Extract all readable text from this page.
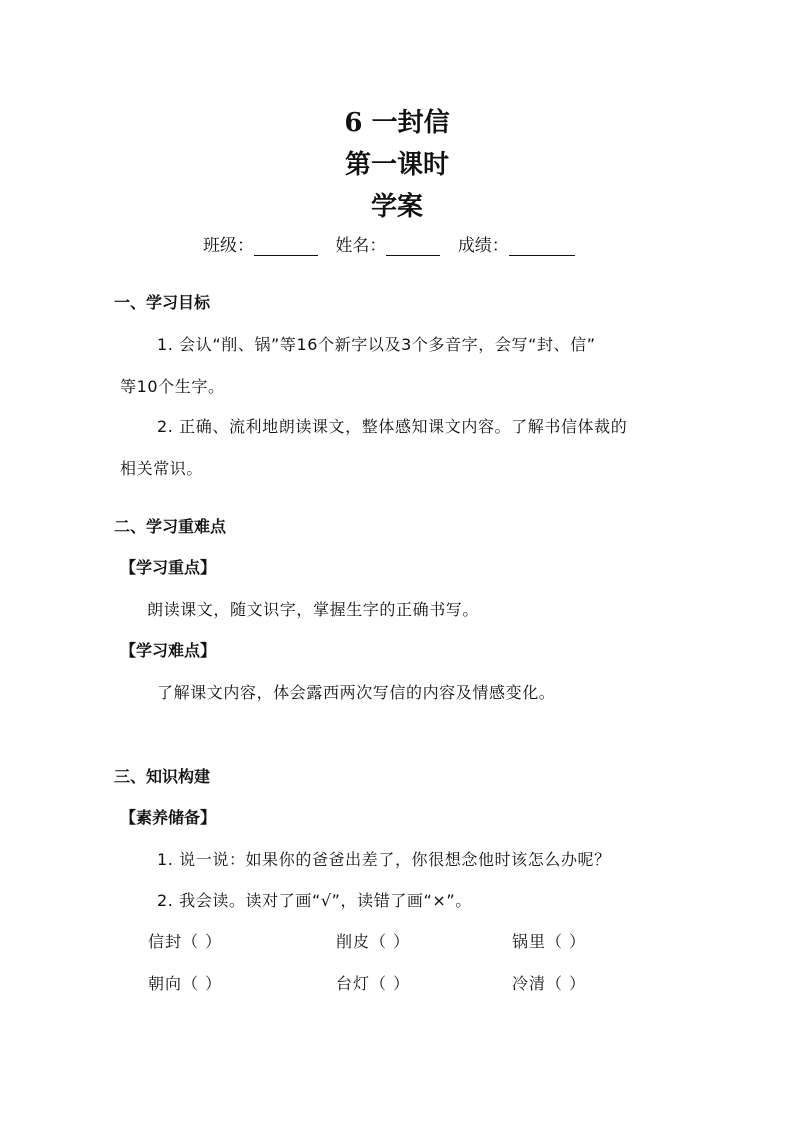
6 一封信
第一课时
学案
班级：	姓名：	成绩：
一、学习目标
1. 会认“削、锅”等16个新字以及3个多音字，会写“封、信”
等10个生字。
2. 正确、流利地朗读课文，整体感知课文内容。了解书信体裁的
相关常识。
二、学习重难点
【学习重点】
朗读课文，随文识字，掌握生字的正确书写。
【学习难点】
了解课文内容，体会露西两次写信的内容及情感变化。
三、知识构建
【素养储备】
1. 说一说：如果你的爸爸出差了，你很想念他时该怎么办呢？
2. 我会读。读对了画“√”，读错了画“×”。
信封（ ）	削皮（ ）	锅里（ ）
朝向（ ）	台灯（ ）	冷清（ ）
